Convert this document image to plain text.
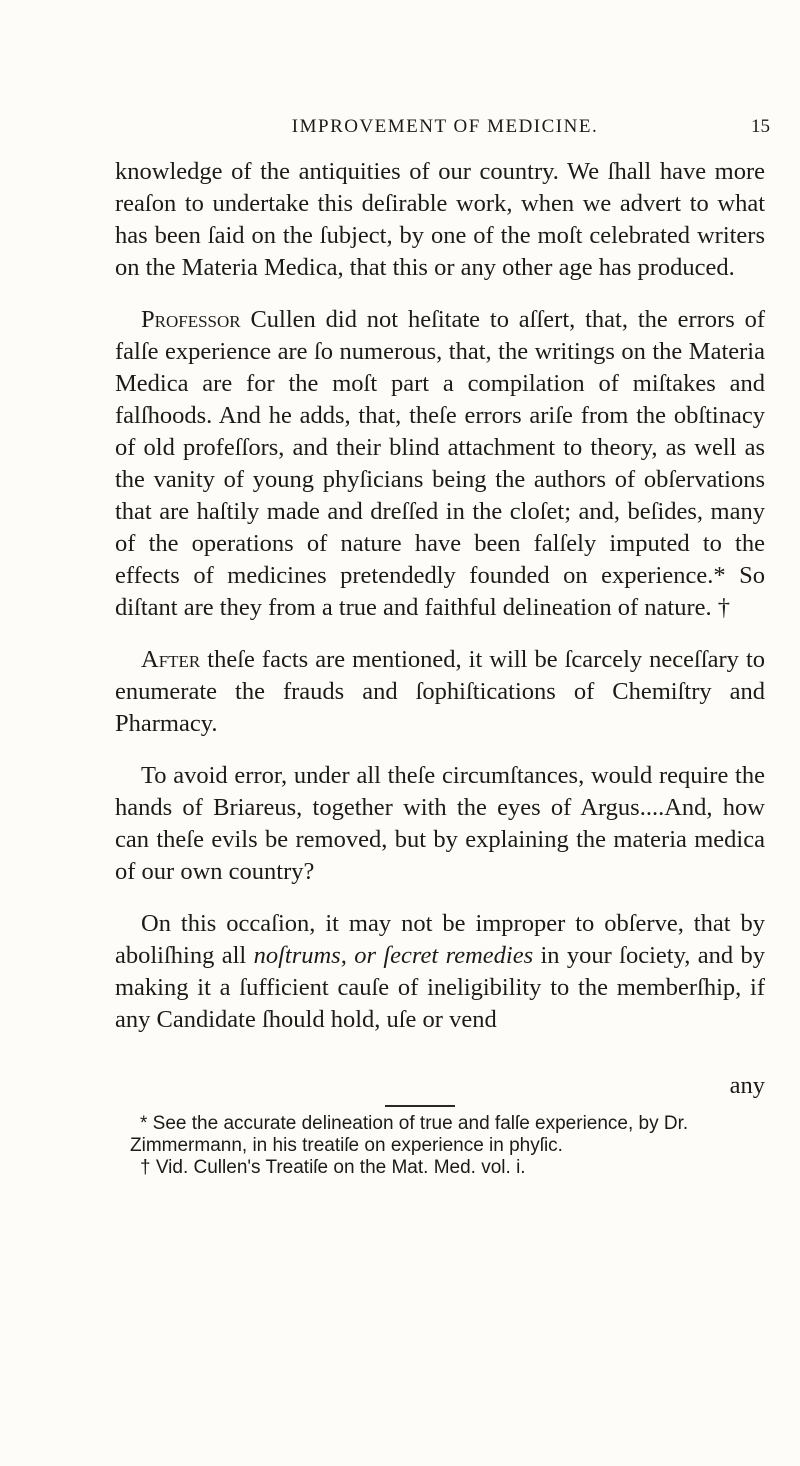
IMPROVEMENT OF MEDICINE.	15

knowledge of the antiquities of our country. We ſhall have more reaſon to undertake this deſirable work, when we advert to what has been ſaid on the ſubject, by one of the moſt celebrated writers on the Materia Medica, that this or any other age has produced.

Professor Cullen did not heſitate to aſſert, that, the errors of falſe experience are ſo numerous, that, the writings on the Materia Medica are for the moſt part a compilation of miſtakes and falſhoods. And he adds, that, theſe errors ariſe from the obſtinacy of old profeſſors, and their blind attachment to theory, as well as the vanity of young phyſicians being the authors of obſervations that are haſtily made and dreſſed in the cloſet; and, beſides, many of the operations of nature have been falſely imputed to the effects of medicines pretendedly founded on experience.* So diſtant are they from a true and faithful delineation of nature. †

After theſe facts are mentioned, it will be ſcarcely neceſſary to enumerate the frauds and ſophiſtications of Chemiſtry and Pharmacy.

To avoid error, under all theſe circumſtances, would require the hands of Briareus, together with the eyes of Argus....And, how can theſe evils be removed, but by explaining the materia medica of our own country?

On this occaſion, it may not be improper to obſerve, that by aboliſhing all noſtrums, or ſecret remedies in your ſociety, and by making it a ſufficient cauſe of ineligibility to the memberſhip, if any Candidate ſhould hold, uſe or vend

any

* See the accurate delineation of true and falſe experience, by Dr. Zimmermann, in his treatiſe on experience in phyſic.

† Vid. Cullen's Treatiſe on the Mat. Med. vol. i.
